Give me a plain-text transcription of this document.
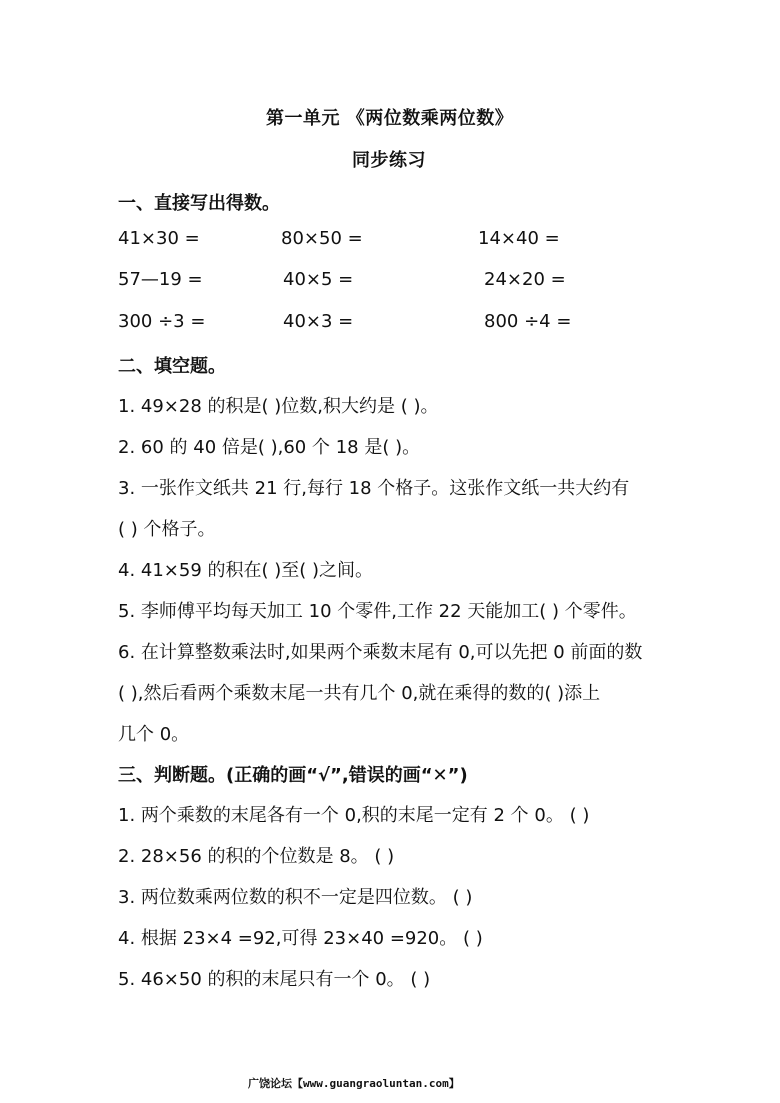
第一单元 《两位数乘两位数》
同步练习
一、直接写出得数。
41×30 =	80×50 =	14×40 =
57—19 =	40×5 =	24×20 =
300 ÷3 =	40×3 =	800 ÷4 =
二、填空题。
1. 49×28 的积是( )位数,积大约是 ( )。
2. 60 的 40 倍是( ),60 个 18 是( )。
3. 一张作文纸共 21 行,每行 18 个格子。这张作文纸一共大约有
( ) 个格子。
4. 41×59 的积在( )至( )之间。
5. 李师傅平均每天加工 10 个零件,工作 22 天能加工( ) 个零件。
6. 在计算整数乘法时,如果两个乘数末尾有 0,可以先把 0 前面的数
( ),然后看两个乘数末尾一共有几个 0,就在乘得的数的( )添上
几个 0。
三、判断题。(正确的画“√”,错误的画“✕”)
1. 两个乘数的末尾各有一个 0,积的末尾一定有 2 个 0。 ( )
2. 28×56 的积的个位数是 8。 ( )
3. 两位数乘两位数的积不一定是四位数。 ( )
4. 根据 23×4 =92,可得 23×40 =920。 ( )
5. 46×50 的积的末尾只有一个 0。 ( )
广饶论坛【www.guangraoluntan.com】
